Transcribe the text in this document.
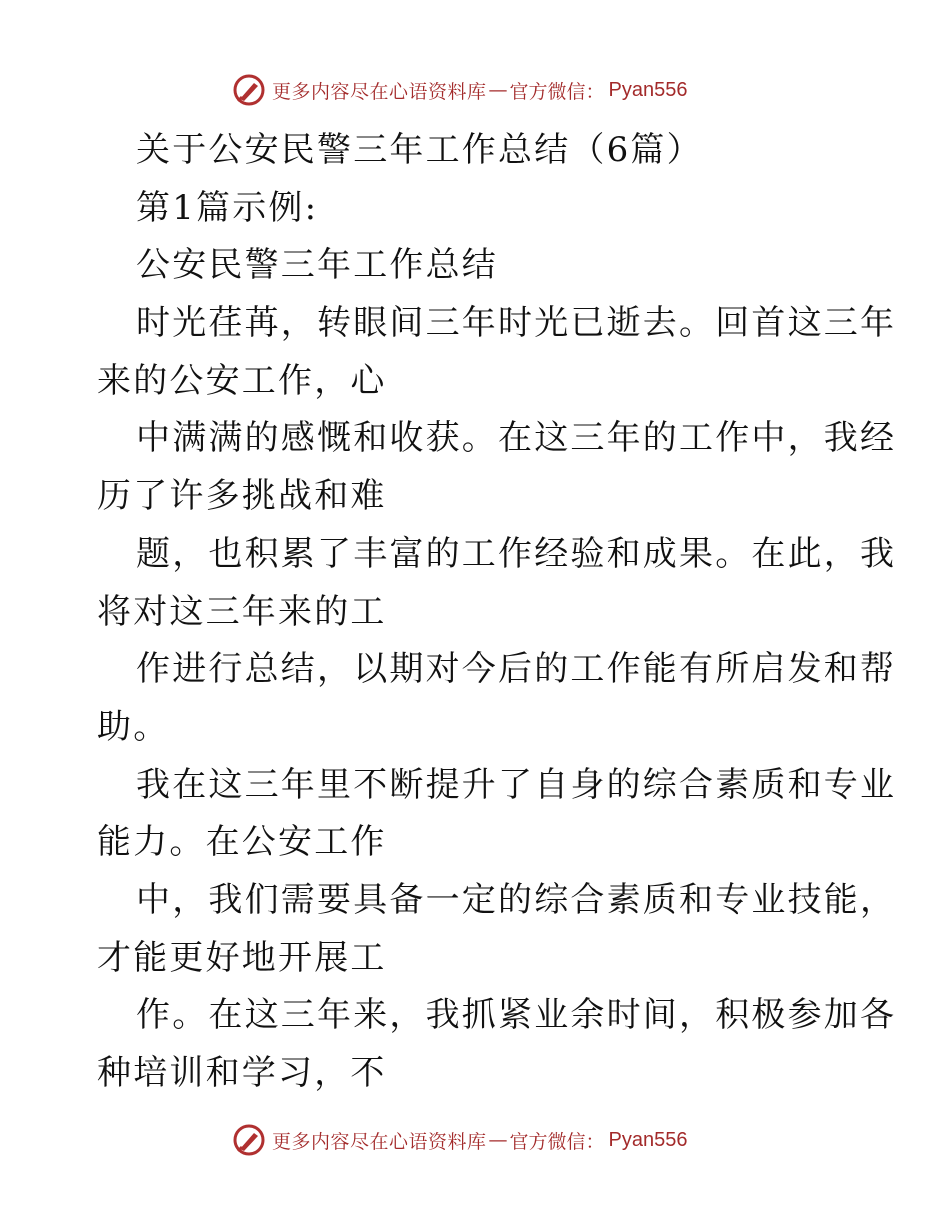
更多内容尽在心语资料库 — 官方微信： Pyan556
关于公安民警三年工作总结（6篇）
第1篇示例:
公安民警三年工作总结
时光荏苒，转眼间三年时光已逝去。回首这三年
来的公安工作，心
中满满的感慨和收获。在这三年的工作中，我经
历了许多挑战和难
题，也积累了丰富的工作经验和成果。在此，我
将对这三年来的工
作进行总结，以期对今后的工作能有所启发和帮
助。
我在这三年里不断提升了自身的综合素质和专业
能力。在公安工作
中，我们需要具备一定的综合素质和专业技能，
才能更好地开展工
作。在这三年来，我抓紧业余时间，积极参加各
种培训和学习，不
更多内容尽在心语资料库 — 官方微信： Pyan556
